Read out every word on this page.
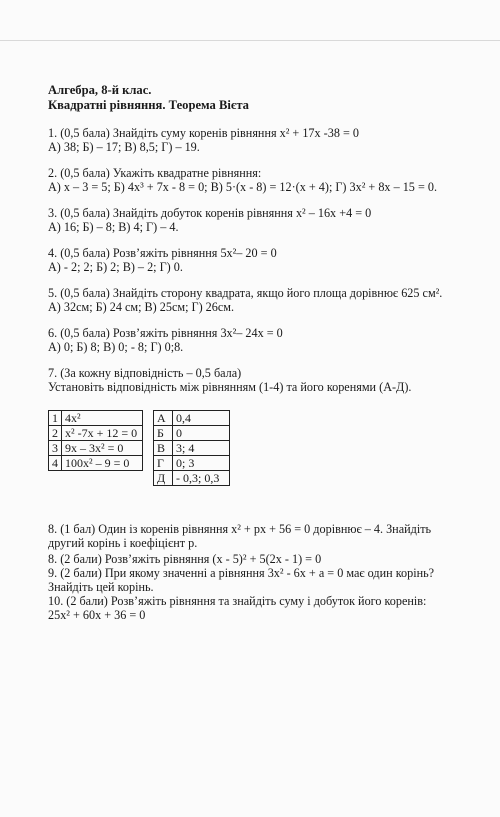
Алгебра, 8-й клас.
Квадратні рівняння. Теорема Вієта
1. (0,5 бала) Знайдіть суму коренів рівняння x² + 17x -38 = 0
А) 38; Б) – 17; В) 8,5; Г) – 19.
2. (0,5 бала) Укажіть квадратне рівняння:
А) x – 3 = 5; Б) 4x³ + 7x - 8 = 0; В) 5·(x - 8) = 12·(x + 4); Г) 3x² + 8x – 15 = 0.
3. (0,5 бала) Знайдіть добуток коренів рівняння x² – 16x +4 = 0
А) 16; Б) – 8; В) 4; Г) – 4.
4. (0,5 бала) Розв’яжіть рівняння 5x²– 20 = 0
А) - 2; 2; Б) 2; В) – 2; Г) 0.
5. (0,5 бала) Знайдіть сторону квадрата, якщо його площа дорівнює 625 см².
А) 32см; Б) 24 см; В) 25см; Г) 26см.
6. (0,5 бала) Розв’яжіть рівняння 3x²– 24x = 0
А) 0; Б) 8; В) 0; - 8; Г) 0;8.
7. (За кожну відповідність – 0,5 бала)
Установіть відповідність між рівнянням (1-4) та його коренями (А-Д).
1	4x²		А	0,4
2	x² -7x + 12 = 0		Б	0
3	9x – 3x² = 0		В	3; 4
4	100x² – 9 = 0		Г	0; 3
			Д	- 0,3; 0,3
8. (1 бал) Один із коренів рівняння x² + px + 56 = 0 дорівнює – 4. Знайдіть
другий корінь і коефіцієнт p.
8. (2 бали) Розв’яжіть рівняння (x - 5)² + 5(2x - 1) = 0
9. (2 бали) При якому значенні a рівняння 3x² - 6x + a = 0 має один корінь?
Знайдіть цей корінь.
10. (2 бали) Розв’яжіть рівняння та знайдіть суму і добуток його коренів:
25x² + 60x + 36 = 0
